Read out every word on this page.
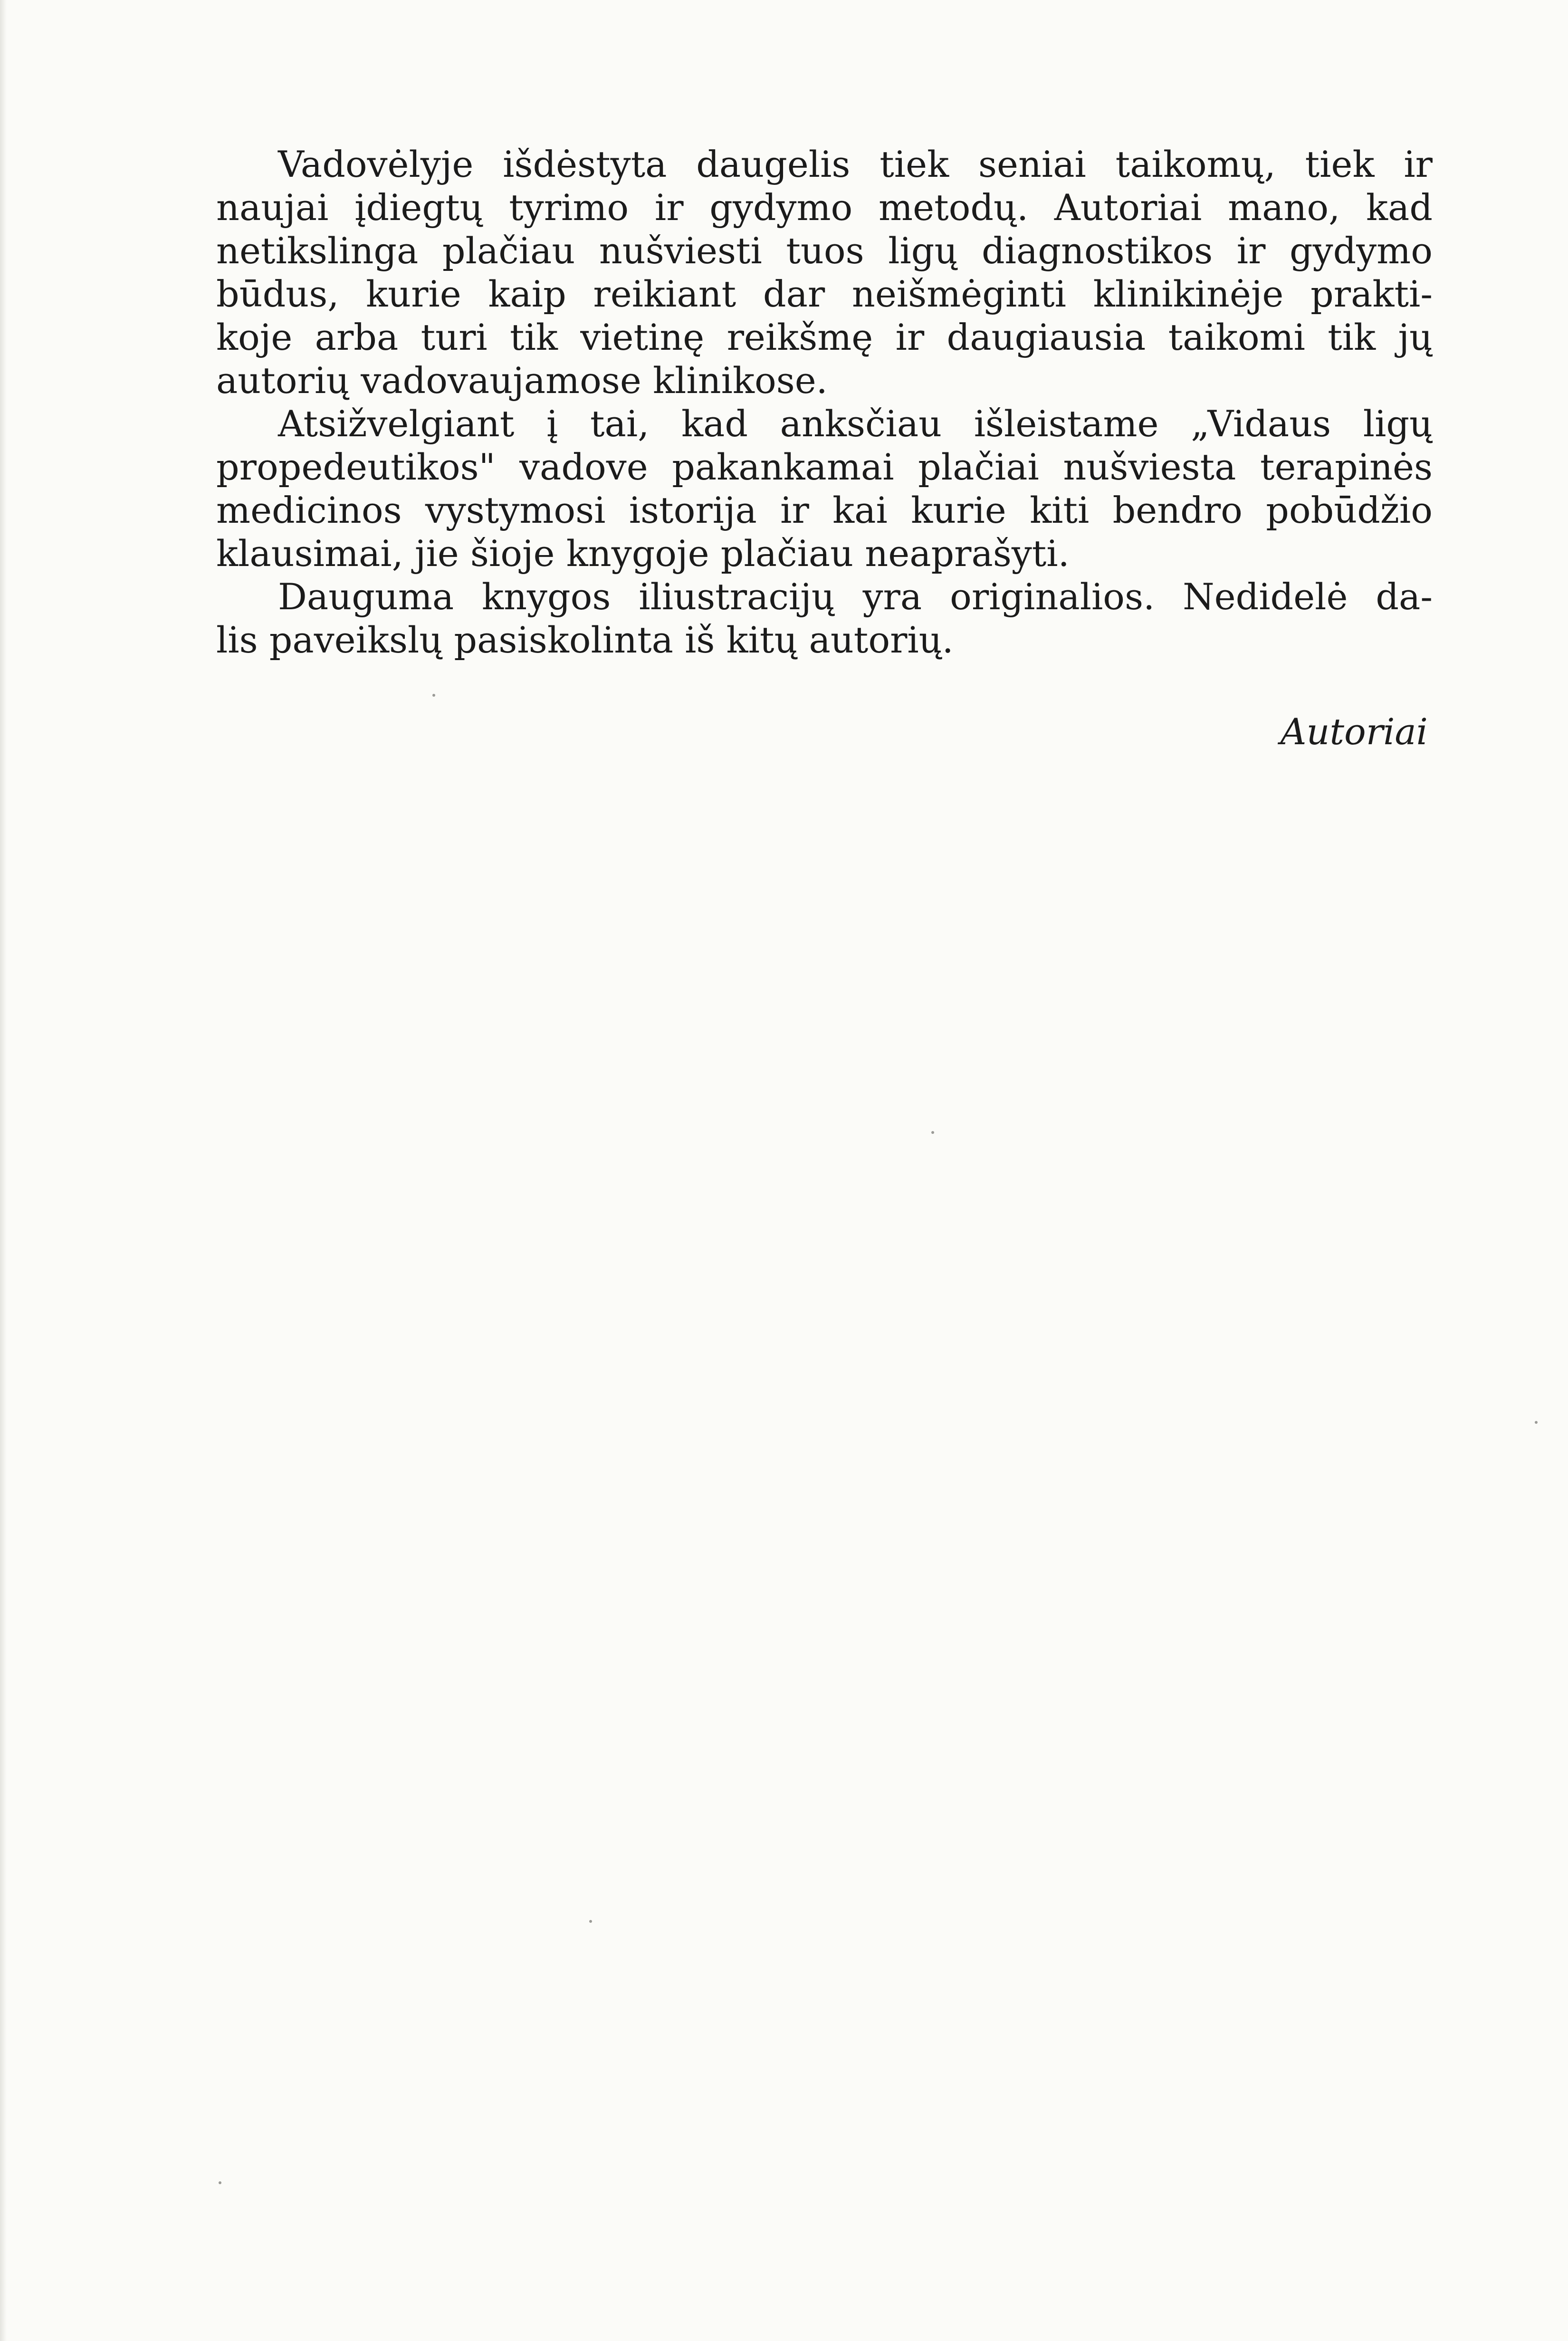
Vadovėlyje išdėstyta daugelis tiek seniai taikomų, tiek ir
naujai įdiegtų tyrimo ir gydymo metodų. Autoriai mano, kad
netikslinga plačiau nušviesti tuos ligų diagnostikos ir gydymo
būdus, kurie kaip reikiant dar neišmėginti klinikinėje prakti-
koje arba turi tik vietinę reikšmę ir daugiausia taikomi tik jų
autorių vadovaujamose klinikose.
Atsižvelgiant į tai, kad anksčiau išleistame „Vidaus ligų
propedeutikos" vadove pakankamai plačiai nušviesta terapinės
medicinos vystymosi istorija ir kai kurie kiti bendro pobūdžio
klausimai, jie šioje knygoje plačiau neaprašyti.
Dauguma knygos iliustracijų yra originalios. Nedidelė da-
lis paveikslų pasiskolinta iš kitų autorių.
Autoriai
